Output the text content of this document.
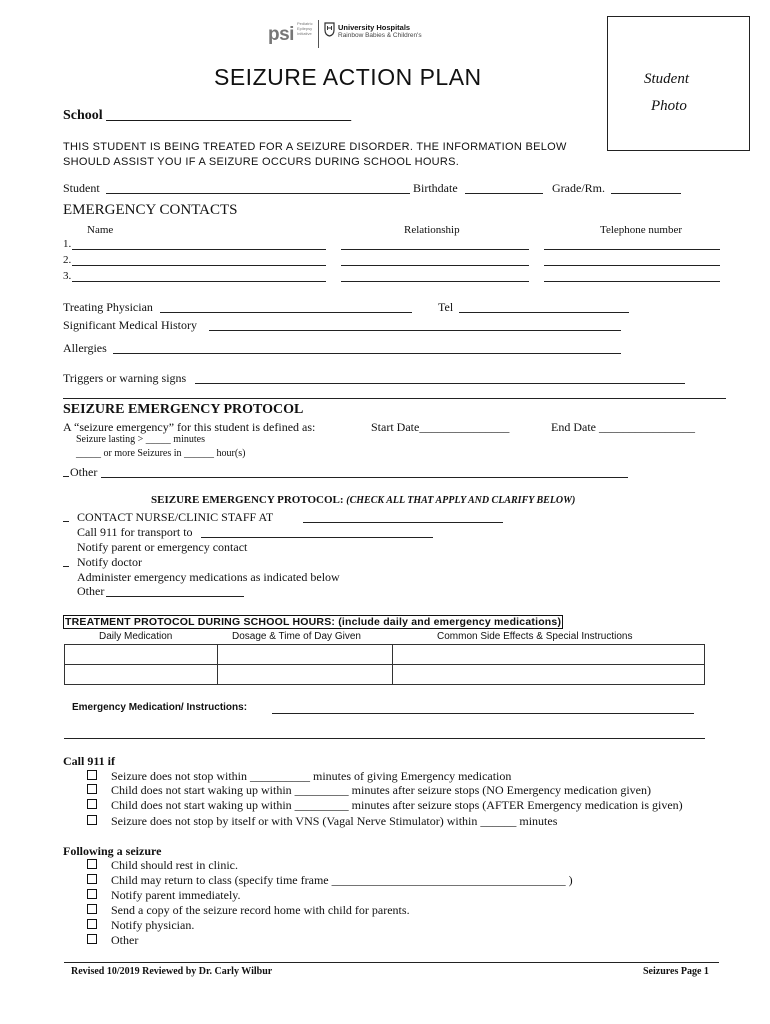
psi
Pediatric
Epilepsy
Initiative
University Hospitals
Rainbow Babies & Children's
Student
Photo
SEIZURE ACTION PLAN
School ___________________________________
THIS STUDENT IS BEING TREATED FOR A SEIZURE DISORDER. THE INFORMATION BELOW
SHOULD ASSIST YOU IF A SEIZURE OCCURS DURING SCHOOL HOURS.
Student	Birthdate	Grade/Rm.
EMERGENCY CONTACTS
Name	Relationship	Telephone number
1.
2.
3.
Treating Physician	Tel
Significant Medical History
Allergies
Triggers or warning signs
SEIZURE EMERGENCY PROTOCOL
A “seizure emergency” for this student is defined as:	Start Date_______________	End Date ________________
Seizure lasting > _____ minutes
_____ or more Seizures in ______ hour(s)
Other
SEIZURE EMERGENCY PROTOCOL: (CHECK ALL THAT APPLY AND CLARIFY BELOW)
CONTACT NURSE/CLINIC STAFF AT
Call 911 for transport to
Notify parent or emergency contact
Notify doctor
Administer emergency medications as indicated below
Other
TREATMENT PROTOCOL DURING SCHOOL HOURS: (include daily and emergency medications)
Daily Medication	Dosage & Time of Day Given	Common Side Effects & Special Instructions

Emergency Medication/ Instructions:
Call 911 if
Seizure does not stop within __________ minutes of giving Emergency medication
Child does not start waking up within _________ minutes after seizure stops (NO Emergency medication given)
Child does not start waking up within _________ minutes after seizure stops (AFTER Emergency medication is given)
Seizure does not stop by itself or with VNS (Vagal Nerve Stimulator) within ______ minutes
Following a seizure
Child should rest in clinic.
Child may return to class (specify time frame _______________________________________ )
Notify parent immediately.
Send a copy of the seizure record home with child for parents.
Notify physician.
Other
Revised 10/2019 Reviewed by Dr. Carly Wilbur	Seizures Page 1
